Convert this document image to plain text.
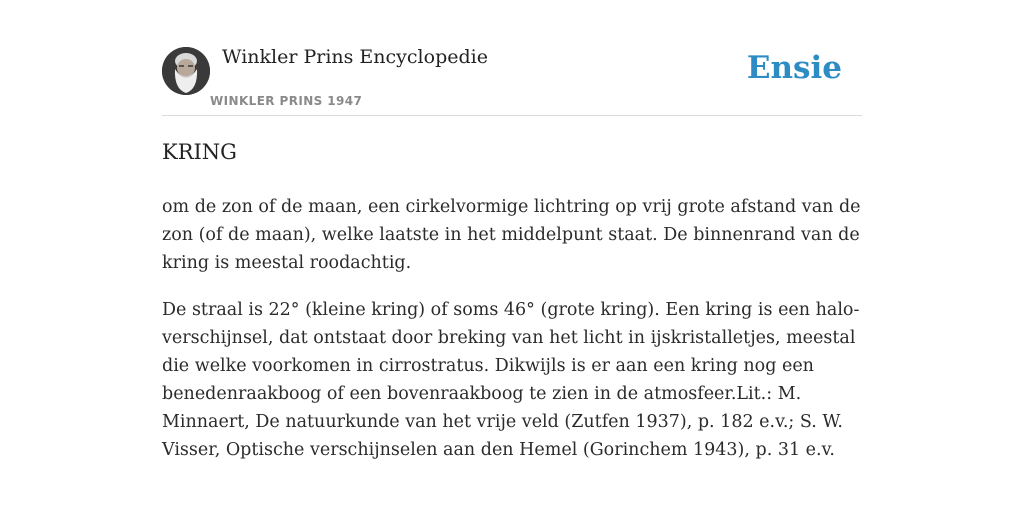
Winkler Prins Encyclopedie
WINKLER PRINS 1947
Ensie
KRING

om de zon of de maan, een cirkelvormige lichtring op vrij grote afstand van de zon (of de maan), welke laatste in het middelpunt staat. De binnenrand van de kring is meestal roodachtig.

De straal is 22° (kleine kring) of soms 46° (grote kring). Een kring is een halo-verschijnsel, dat ontstaat door breking van het licht in ijskristalletjes, meestal die welke voorkomen in cirrostratus. Dikwijls is er aan een kring nog een benedenraakboog of een bovenraakboog te zien in de atmosfeer.Lit.: M. Minnaert, De natuurkunde van het vrije veld (Zutfen 1937), p. 182 e.v.; S. W. Visser, Optische verschijnselen aan den Hemel (Gorinchem 1943), p. 31 e.v.
